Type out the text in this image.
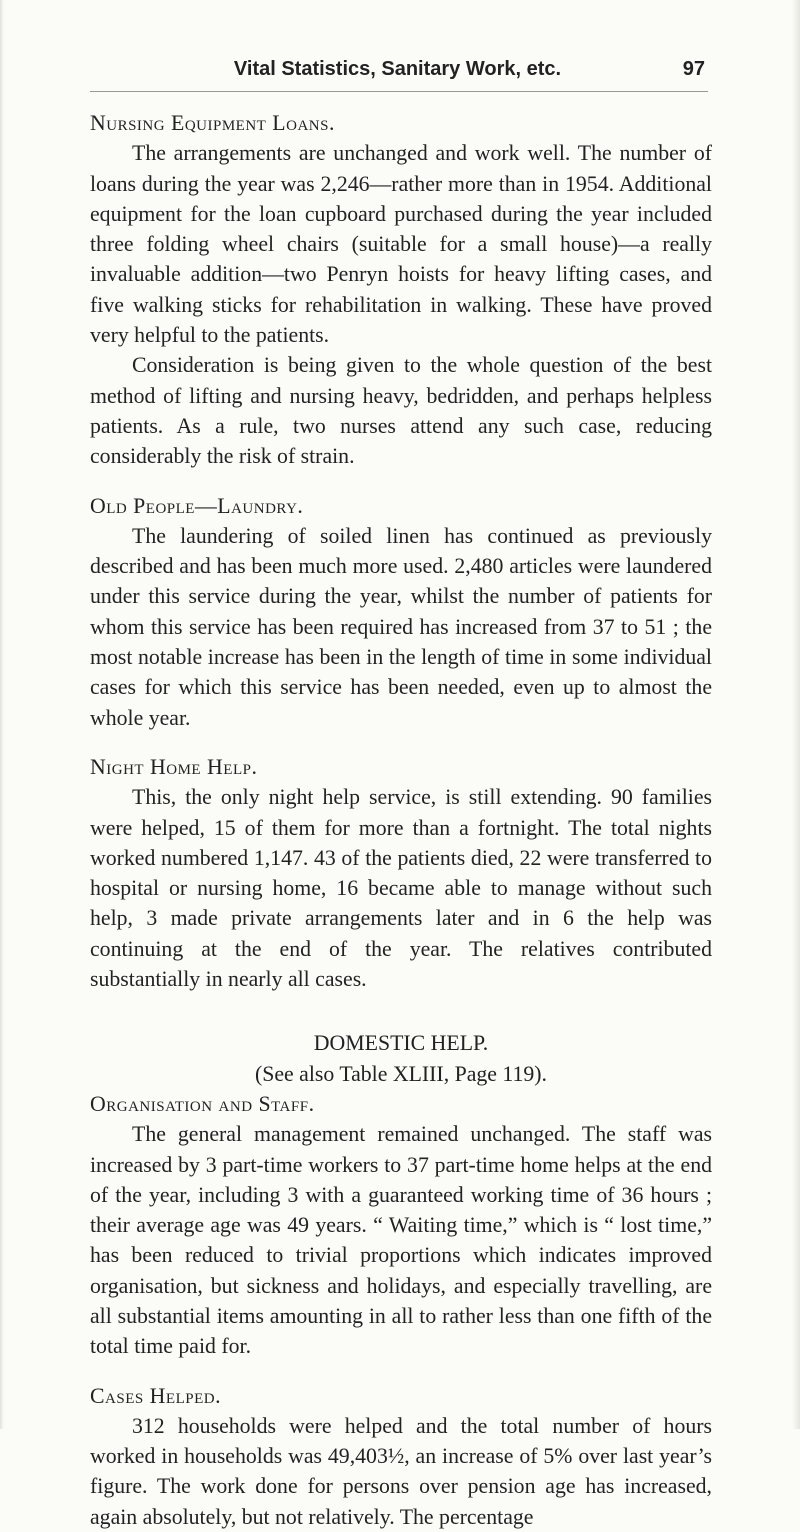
Vital Statistics, Sanitary Work, etc.	97

Nursing Equipment Loans.

The arrangements are unchanged and work well. The number of loans during the year was 2,246—rather more than in 1954. Additional equipment for the loan cupboard purchased during the year included three folding wheel chairs (suitable for a small house)—a really invaluable addition—two Penryn hoists for heavy lifting cases, and five walking sticks for rehabilitation in walking. These have proved very helpful to the patients.

Consideration is being given to the whole question of the best method of lifting and nursing heavy, bedridden, and perhaps helpless patients. As a rule, two nurses attend any such case, reducing considerably the risk of strain.

Old People—Laundry.

The laundering of soiled linen has continued as previously described and has been much more used. 2,480 articles were laundered under this service during the year, whilst the number of patients for whom this service has been required has increased from 37 to 51 ; the most notable increase has been in the length of time in some individual cases for which this service has been needed, even up to almost the whole year.

Night Home Help.

This, the only night help service, is still extending. 90 families were helped, 15 of them for more than a fortnight. The total nights worked numbered 1,147. 43 of the patients died, 22 were transferred to hospital or nursing home, 16 became able to manage without such help, 3 made private arrangements later and in 6 the help was continuing at the end of the year. The relatives contributed substantially in nearly all cases.

DOMESTIC HELP.

(See also Table XLIII, Page 119).

Organisation and Staff.

The general management remained unchanged. The staff was increased by 3 part-time workers to 37 part-time home helps at the end of the year, including 3 with a guaranteed working time of 36 hours ; their average age was 49 years. “ Waiting time,” which is “ lost time,” has been reduced to trivial proportions which indicates improved organisation, but sickness and holidays, and especially travelling, are all substantial items amounting in all to rather less than one fifth of the total time paid for.

Cases Helped.

312 households were helped and the total number of hours worked in households was 49,403½, an increase of 5% over last year’s figure. The work done for persons over pension age has increased, again absolutely, but not relatively. The percentage
